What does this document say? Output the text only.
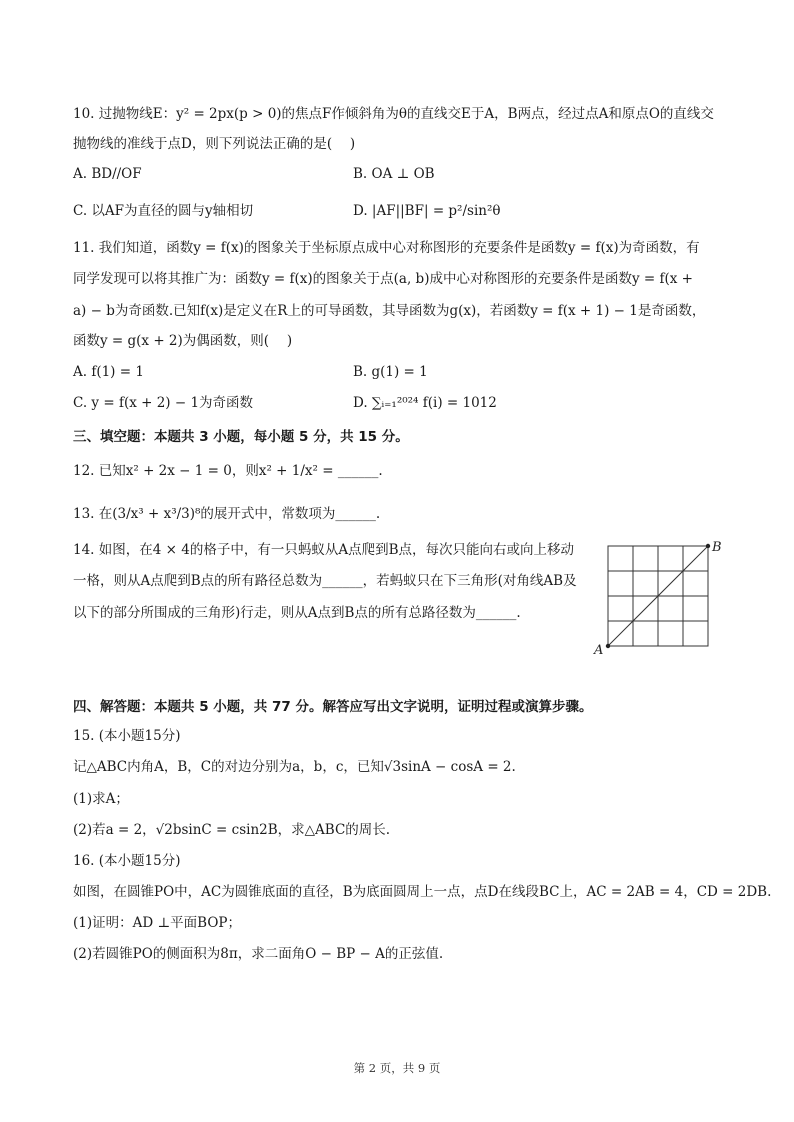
10. 过抛物线E：y² = 2px(p > 0)的焦点F作倾斜角为θ的直线交E于A，B两点，经过点A和原点O的直线交
抛物线的准线于点D，则下列说法正确的是(　 )
A. BD//OF	B. OA ⊥ OB
C. 以AF为直径的圆与y轴相切	D. |AF||BF| = p²/sin²θ
11. 我们知道，函数y = f(x)的图象关于坐标原点成中心对称图形的充要条件是函数y = f(x)为奇函数，有
同学发现可以将其推广为：函数y = f(x)的图象关于点(a, b)成中心对称图形的充要条件是函数y = f(x +
a) − b为奇函数.已知f(x)是定义在R上的可导函数，其导函数为g(x)，若函数y = f(x + 1) − 1是奇函数，
函数y = g(x + 2)为偶函数，则(　 )
A. f(1) = 1	B. g(1) = 1
C. y = f(x + 2) − 1为奇函数	D. ∑ᵢ₌₁²⁰²⁴ f(i) = 1012
三、填空题：本题共 3 小题，每小题 5 分，共 15 分。
12. 已知x² + 2x − 1 = 0，则x² + 1/x² = ______.
13. 在(3/x³ + x³/3)⁸的展开式中，常数项为______.
14. 如图，在4 × 4的格子中，有一只蚂蚁从A点爬到B点，每次只能向右或向上移动
一格，则从A点爬到B点的所有路径总数为______，若蚂蚁只在下三角形(对角线AB及
以下的部分所围成的三角形)行走，则从A点到B点的所有总路径数为______.
A
B
四、解答题：本题共 5 小题，共 77 分。解答应写出文字说明，证明过程或演算步骤。
15. (本小题15分)
记△ABC内角A，B，C的对边分别为a，b，c，已知√3sinA − cosA = 2.
(1)求A；
(2)若a = 2，√2bsinC = csin2B，求△ABC的周长.
16. (本小题15分)
如图，在圆锥PO中，AC为圆锥底面的直径，B为底面圆周上一点，点D在线段BC上，AC = 2AB = 4，CD = 2DB.
(1)证明：AD ⊥平面BOP；
(2)若圆锥PO的侧面积为8π，求二面角O − BP − A的正弦值.
第 2 页，共 9 页
